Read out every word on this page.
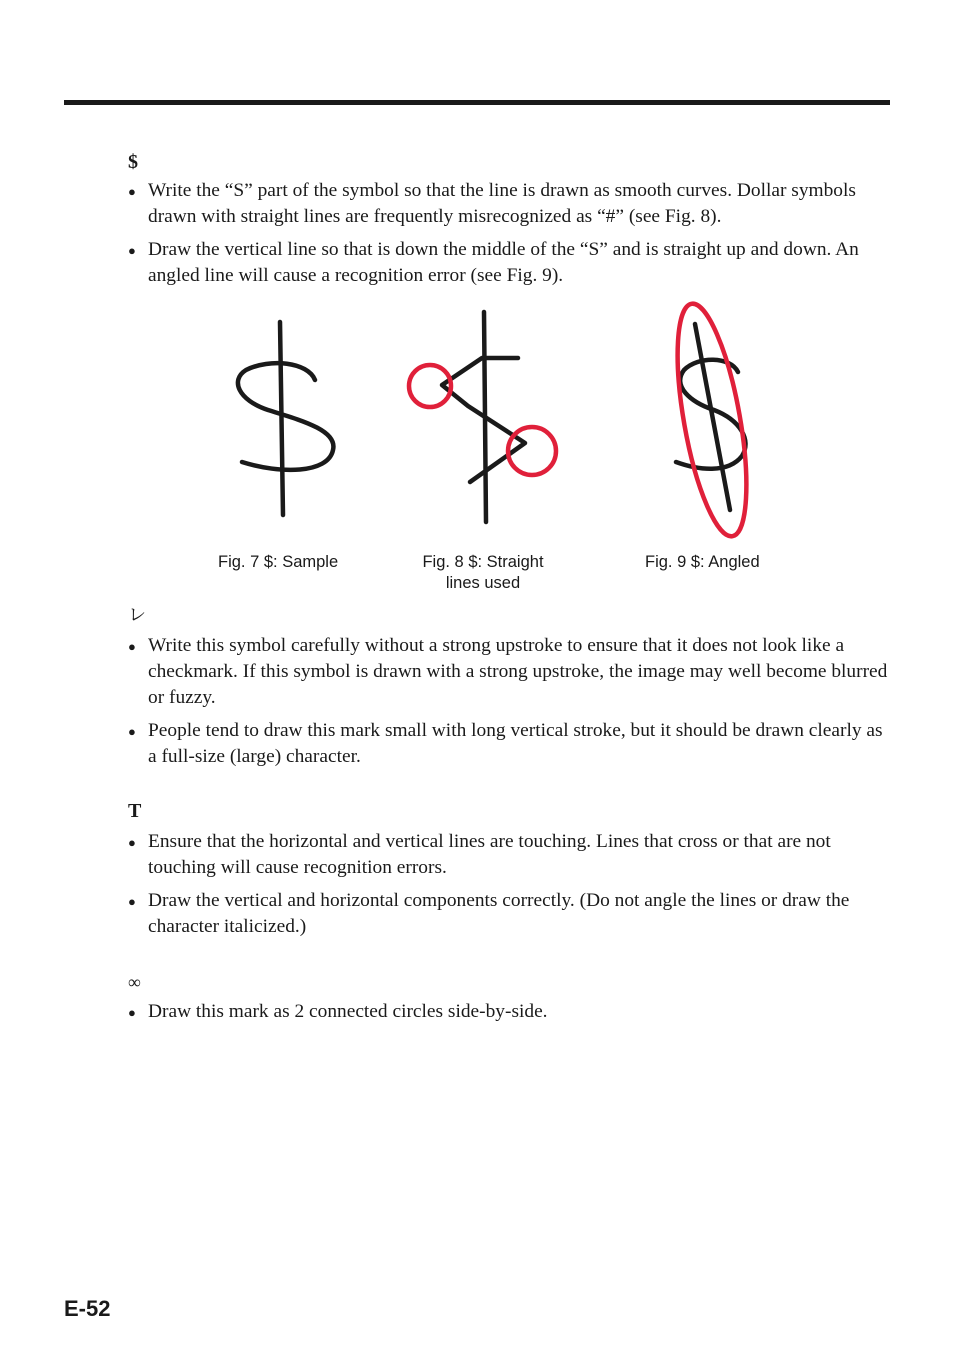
$
● Write the “S” part of the symbol so that the line is drawn as smooth curves. Dollar symbols drawn with straight lines are frequently misrecognized as “#” (see Fig. 8).
● Draw the vertical line so that is down the middle of the “S” and is straight up and down. An angled line will cause a recognition error (see Fig. 9).
Fig. 7 $: Sample	Fig. 8 $: Straight
lines used
Fig. 9 $: Angled
レ
● Write this symbol carefully without a strong upstroke to ensure that it does not look like a checkmark. If this symbol is drawn with a strong upstroke, the image may well become blurred or fuzzy.
● People tend to draw this mark small with long vertical stroke, but it should be drawn clearly as a full-size (large) character.
T
● Ensure that the horizontal and vertical lines are touching. Lines that cross or that are not touching will cause recognition errors.
● Draw the vertical and horizontal components correctly. (Do not angle the lines or draw the character italicized.)
∞
● Draw this mark as 2 connected circles side-by-side.
E-52
